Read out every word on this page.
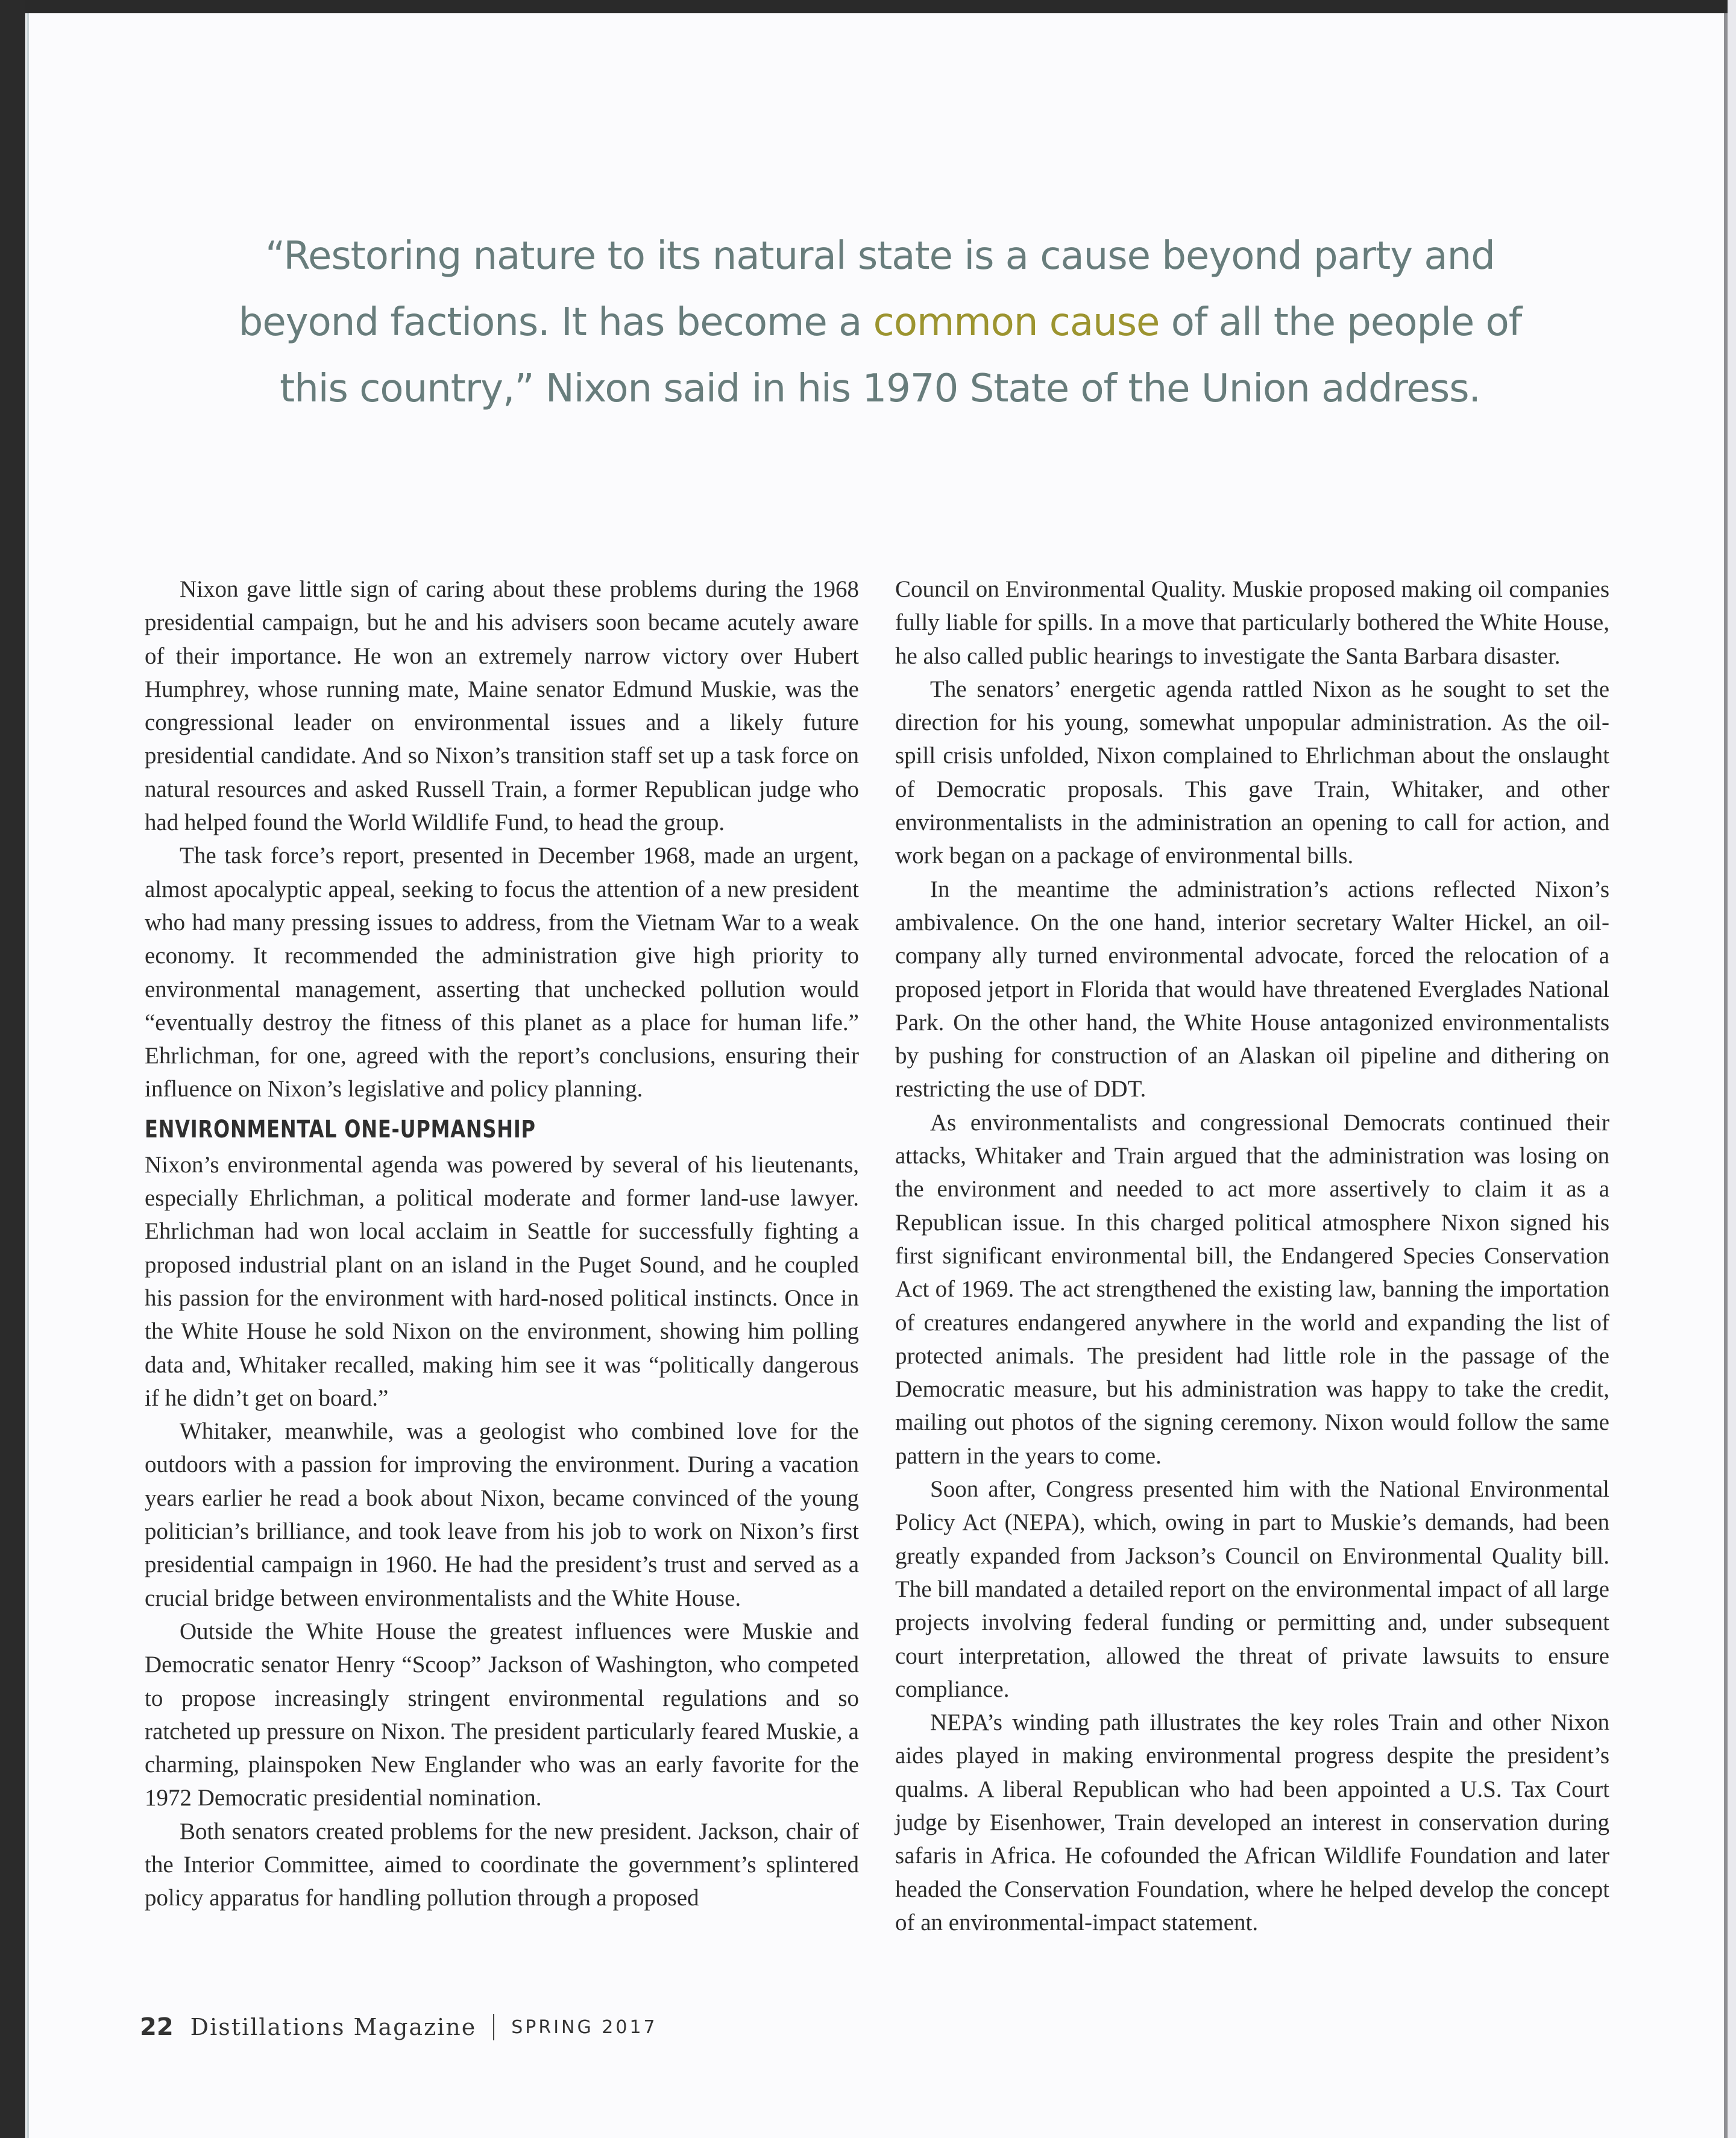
“Restoring nature to its natural state is a cause beyond party and beyond factions. It has become a common cause of all the people of this country,” Nixon said in his 1970 State of the Union address.

Nixon gave little sign of caring about these problems during the 1968 presidential campaign, but he and his advisers soon became acutely aware of their importance. He won an extremely narrow victory over Hubert Humphrey, whose running mate, Maine senator Edmund Muskie, was the congressional leader on environmental issues and a likely future presidential candidate. And so Nixon’s transition staff set up a task force on natural resources and asked Russell Train, a former Republican judge who had helped found the World Wildlife Fund, to head the group.

The task force’s report, presented in December 1968, made an urgent, almost apocalyptic appeal, seeking to focus the attention of a new president who had many pressing issues to address, from the Vietnam War to a weak economy. It recommended the administration give high priority to environmental management, asserting that unchecked pollution would “eventually destroy the fitness of this planet as a place for human life.” Ehrlichman, for one, agreed with the report’s conclusions, ensuring their influence on Nixon’s legislative and policy planning.

ENVIRONMENTAL ONE-UPMANSHIP

Nixon’s environmental agenda was powered by several of his lieutenants, especially Ehrlichman, a political moderate and former land-use lawyer. Ehrlichman had won local acclaim in Seattle for successfully fighting a proposed industrial plant on an island in the Puget Sound, and he coupled his passion for the environment with hard-nosed political instincts. Once in the White House he sold Nixon on the environment, showing him polling data and, Whitaker recalled, making him see it was “politically dangerous if he didn’t get on board.”

Whitaker, meanwhile, was a geologist who combined love for the outdoors with a passion for improving the environment. During a vacation years earlier he read a book about Nixon, became convinced of the young politician’s brilliance, and took leave from his job to work on Nixon’s first presidential campaign in 1960. He had the president’s trust and served as a crucial bridge between environmentalists and the White House.

Outside the White House the greatest influences were Muskie and Democratic senator Henry “Scoop” Jackson of Washington, who competed to propose increasingly stringent environmental regulations and so ratcheted up pressure on Nixon. The president particularly feared Muskie, a charming, plainspoken New Englander who was an early favorite for the 1972 Democratic presidential nomination.

Both senators created problems for the new president. Jackson, chair of the Interior Committee, aimed to coordinate the government’s splintered policy apparatus for handling pollution through a proposed

Council on Environmental Quality. Muskie proposed making oil companies fully liable for spills. In a move that particularly bothered the White House, he also called public hearings to investigate the Santa Barbara disaster.

The senators’ energetic agenda rattled Nixon as he sought to set the direction for his young, somewhat unpopular administration. As the oil-spill crisis unfolded, Nixon complained to Ehrlichman about the onslaught of Democratic proposals. This gave Train, Whitaker, and other environmentalists in the administration an opening to call for action, and work began on a package of environmental bills.

In the meantime the administration’s actions reflected Nixon’s ambivalence. On the one hand, interior secretary Walter Hickel, an oil-company ally turned environmental advocate, forced the relocation of a proposed jetport in Florida that would have threatened Everglades National Park. On the other hand, the White House antagonized environmentalists by pushing for construction of an Alaskan oil pipeline and dithering on restricting the use of DDT.

As environmentalists and congressional Democrats continued their attacks, Whitaker and Train argued that the administration was losing on the environment and needed to act more assertively to claim it as a Republican issue. In this charged political atmosphere Nixon signed his first significant environmental bill, the Endangered Species Conservation Act of 1969. The act strengthened the existing law, banning the importation of creatures endangered anywhere in the world and expanding the list of protected animals. The president had little role in the passage of the Democratic measure, but his administration was happy to take the credit, mailing out photos of the signing ceremony. Nixon would follow the same pattern in the years to come.

Soon after, Congress presented him with the National Environmental Policy Act (NEPA), which, owing in part to Muskie’s demands, had been greatly expanded from Jackson’s Council on Environmental Quality bill. The bill mandated a detailed report on the environmental impact of all large projects involving federal funding or permitting and, under subsequent court interpretation, allowed the threat of private lawsuits to ensure compliance.

NEPA’s winding path illustrates the key roles Train and other Nixon aides played in making environmental progress despite the president’s qualms. A liberal Republican who had been appointed a U.S. Tax Court judge by Eisenhower, Train developed an interest in conservation during safaris in Africa. He cofounded the African Wildlife Foundation and later headed the Conservation Foundation, where he helped develop the concept of an environmental-impact statement.

22 Distillations Magazine SPRING 2017
